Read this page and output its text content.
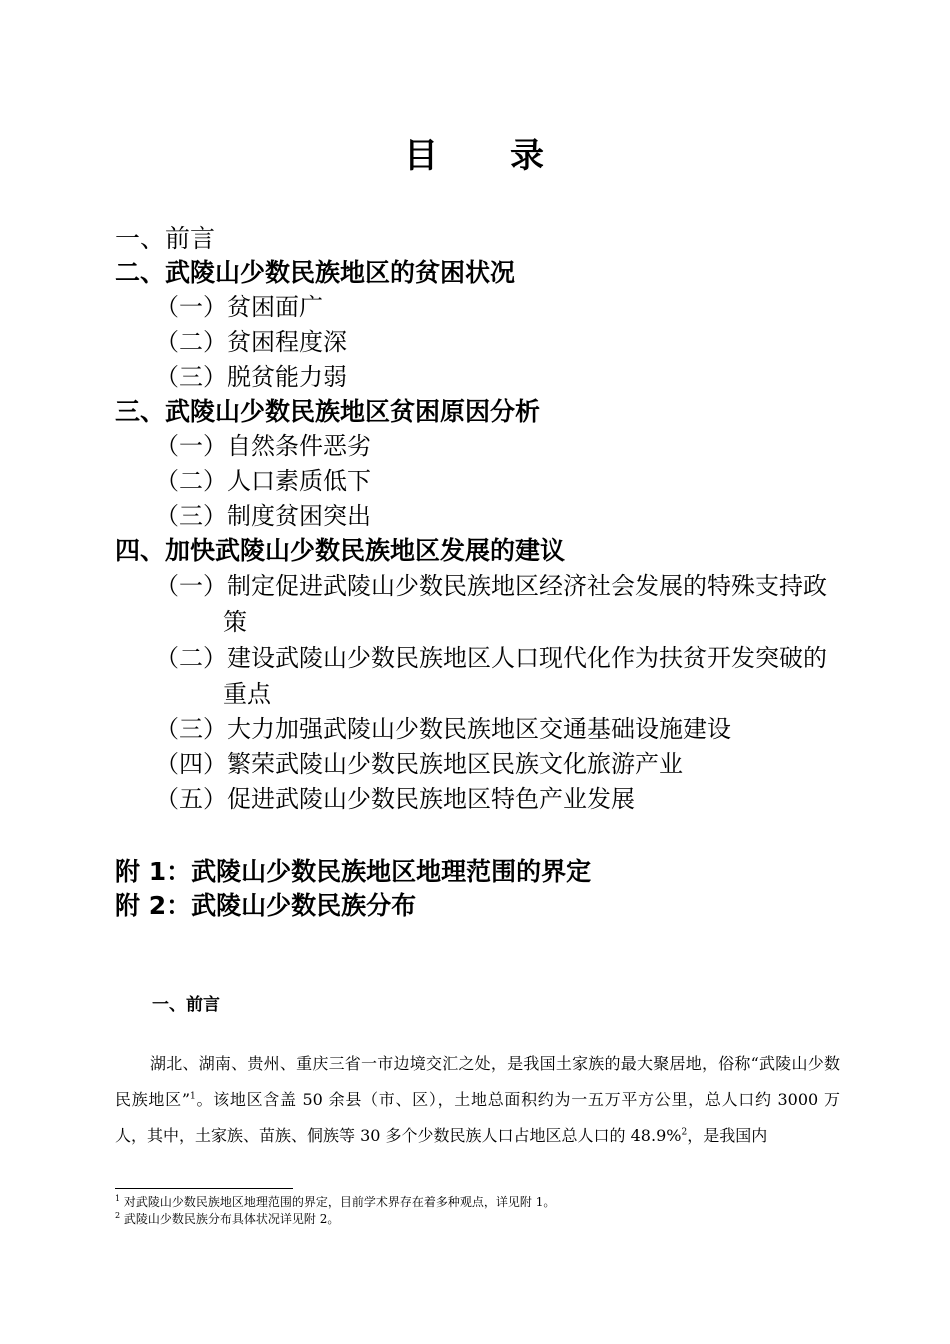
目 录

一、前言

二、武陵山少数民族地区的贫困状况

（一）贫困面广

（二）贫困程度深

（三）脱贫能力弱

三、武陵山少数民族地区贫困原因分析

（一）自然条件恶劣

（二）人口素质低下

（三）制度贫困突出

四、加快武陵山少数民族地区发展的建议

（一）制定促进武陵山少数民族地区经济社会发展的特殊支持政策

（二）建设武陵山少数民族地区人口现代化作为扶贫开发突破的重点

（三）大力加强武陵山少数民族地区交通基础设施建设

（四）繁荣武陵山少数民族地区民族文化旅游产业

（五）促进武陵山少数民族地区特色产业发展

附 1：武陵山少数民族地区地理范围的界定

附 2：武陵山少数民族分布

一、前言

湖北、湖南、贵州、重庆三省一市边境交汇之处，是我国土家族的最大聚居地，俗称“武陵山少数民族地区”$^1$。该地区含盖 50 余县（市、区），土地总面积约为一五万平方公里，总人口约 3000 万人，其中，土家族、苗族、侗族等 30 多个少数民族人口占地区总人口的 48.9%$^2$，是我国内

$^1$ 对武陵山少数民族地区地理范围的界定，目前学术界存在着多种观点，详见附 1。
$^2$ 武陵山少数民族分布具体状况详见附 2。
